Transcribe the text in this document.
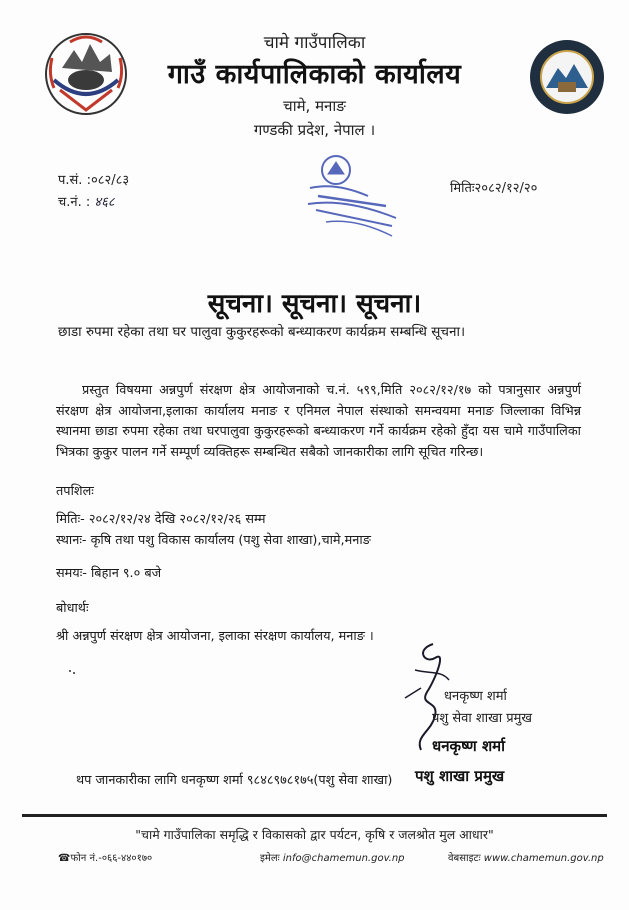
चामे गाउँपालिका
गाउँ कार्यपालिकाको कार्यालय
चामे, मनाङ
गण्डकी प्रदेश, नेपाल ।
प.सं. :०८२/८३
च.नं. : ४६८
मितिः२०८२/१२/२०
सूचना। सूचना। सूचना।
छाडा रुपमा रहेका तथा घर पालुवा कुकुरहरूको बन्ध्याकरण कार्यक्रम सम्बन्धि सूचना।
प्रस्तुत विषयमा अन्नपुर्ण संरक्षण क्षेत्र आयोजनाको च.नं. ५९९,मिति २०८२/१२/१७ को पत्रानुसार अन्नपुर्ण संरक्षण क्षेत्र आयोजना,इलाका कार्यालय मनाङ र एनिमल नेपाल संस्थाको समन्वयमा मनाङ जिल्लाका विभिन्न स्थानमा छाडा रुपमा रहेका तथा घरपालुवा कुकुरहरूको बन्ध्याकरण गर्ने कार्यक्रम रहेको हुँदा यस चामे गाउँपालिका भित्रका कुकुर पालन गर्ने सम्पूर्ण व्यक्तिहरू सम्बन्धित सबैको जानकारीका लागि सूचित गरिन्छ।
तपशिलः
मितिः- २०८२/१२/२४ देखि २०८२/१२/२६ सम्म
स्थानः- कृषि तथा पशु विकास कार्यालय (पशु सेवा शाखा),चामे,मनाङ
समयः- बिहान ९.० बजे
बोधार्थः
श्री अन्नपुर्ण संरक्षण क्षेत्र आयोजना, इलाका संरक्षण कार्यालय, मनाङ ।
धनकृष्ण शर्मा
पशु सेवा शाखा प्रमुख
धनकृष्ण शर्मा
पशु शाखा प्रमुख
थप जानकारीका लागि धनकृष्ण शर्मा ९८४८९७८१७५(पशु सेवा शाखा)
"चामे गाउँपालिका समृद्धि र विकासको द्वार पर्यटन, कृषि र जलश्रोत मुल आधार"
☎फोन नं.-०६६-४४०१७०	इमेलः info@chamemun.gov.np	वेबसाइटः www.chamemun.gov.np
